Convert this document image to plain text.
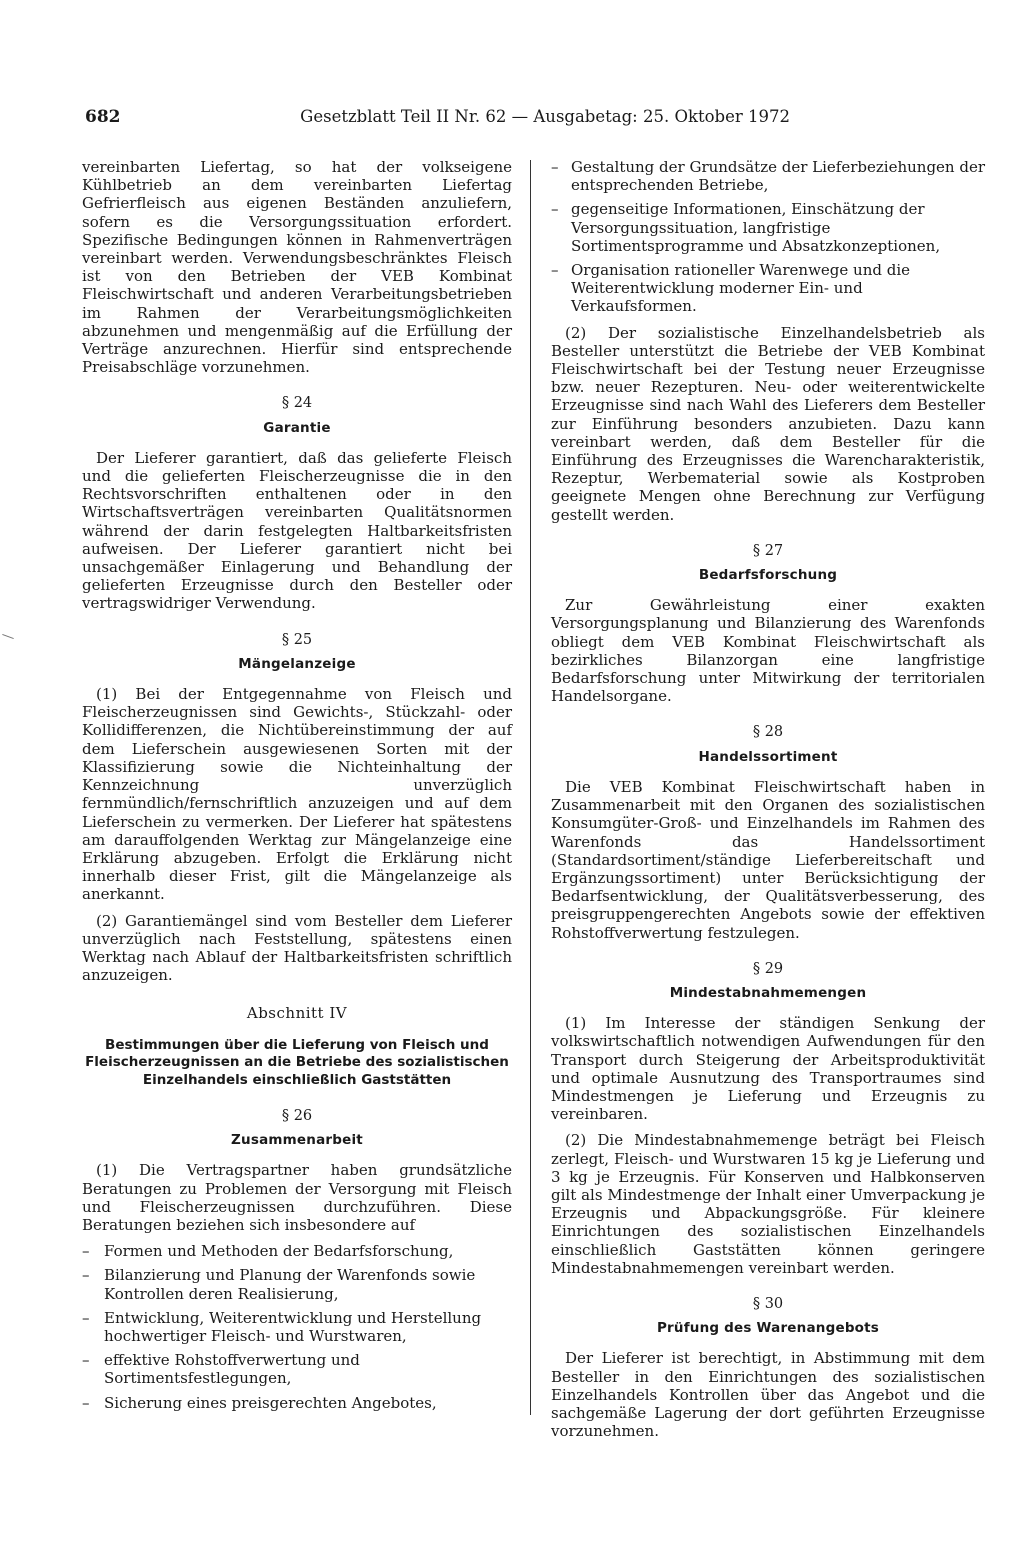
682	Gesetzblatt Teil II Nr. 62 — Ausgabetag: 25. Oktober 1972

vereinbarten Liefertag, so hat der volkseigene Kühlbetrieb an dem vereinbarten Liefertag Gefrierfleisch aus eigenen Beständen anzuliefern, sofern es die Versorgungssituation erfordert. Spezifische Bedingungen können in Rahmenverträgen vereinbart werden. Verwendungsbeschränktes Fleisch ist von den Betrieben der VEB Kombinat Fleischwirtschaft und anderen Verarbeitungsbetrieben im Rahmen der Verarbeitungsmöglichkeiten abzunehmen und mengenmäßig auf die Erfüllung der Verträge anzurechnen. Hierfür sind entsprechende Preisabschläge vorzunehmen.

§ 24
Garantie

Der Lieferer garantiert, daß das gelieferte Fleisch und die gelieferten Fleischerzeugnisse die in den Rechtsvorschriften enthaltenen oder in den Wirtschaftsverträgen vereinbarten Qualitätsnormen während der darin festgelegten Haltbarkeitsfristen aufweisen. Der Lieferer garantiert nicht bei unsachgemäßer Einlagerung und Behandlung der gelieferten Erzeugnisse durch den Besteller oder vertragswidriger Verwendung.

§ 25
Mängelanzeige

(1) Bei der Entgegennahme von Fleisch und Fleischerzeugnissen sind Gewichts-, Stückzahl- oder Kollidifferenzen, die Nichtübereinstimmung der auf dem Lieferschein ausgewiesenen Sorten mit der Klassifizierung sowie die Nichteinhaltung der Kennzeichnung unverzüglich fernmündlich/fernschriftlich anzuzeigen und auf dem Lieferschein zu vermerken. Der Lieferer hat spätestens am darauffolgenden Werktag zur Mängelanzeige eine Erklärung abzugeben. Erfolgt die Erklärung nicht innerhalb dieser Frist, gilt die Mängelanzeige als anerkannt.

(2) Garantiemängel sind vom Besteller dem Lieferer unverzüglich nach Feststellung, spätestens einen Werktag nach Ablauf der Haltbarkeitsfristen schriftlich anzuzeigen.

Abschnitt IV
Bestimmungen über die Lieferung von Fleisch und Fleischerzeugnissen an die Betriebe des sozialistischen Einzelhandels einschließlich Gaststätten
§ 26
Zusammenarbeit

(1) Die Vertragspartner haben grundsätzliche Beratungen zu Problemen der Versorgung mit Fleisch und Fleischerzeugnissen durchzuführen. Diese Beratungen beziehen sich insbesondere auf

– Formen und Methoden der Bedarfsforschung,
– Bilanzierung und Planung der Warenfonds sowie Kontrollen deren Realisierung,
– Entwicklung, Weiterentwicklung und Herstellung hochwertiger Fleisch- und Wurstwaren,
– effektive Rohstoffverwertung und Sortimentsfestlegungen,
– Sicherung eines preisgerechten Angebotes,
– Gestaltung der Grundsätze der Lieferbeziehungen der entsprechenden Betriebe,
– gegenseitige Informationen, Einschätzung der Versorgungssituation, langfristige Sortimentsprogramme und Absatzkonzeptionen,
– Organisation rationeller Warenwege und die Weiterentwicklung moderner Ein- und Verkaufsformen.

(2) Der sozialistische Einzelhandelsbetrieb als Besteller unterstützt die Betriebe der VEB Kombinat Fleischwirtschaft bei der Testung neuer Erzeugnisse bzw. neuer Rezepturen. Neu- oder weiterentwickelte Erzeugnisse sind nach Wahl des Lieferers dem Besteller zur Einführung besonders anzubieten. Dazu kann vereinbart werden, daß dem Besteller für die Einführung des Erzeugnisses die Warencharakteristik, Rezeptur, Werbematerial sowie als Kostproben geeignete Mengen ohne Berechnung zur Verfügung gestellt werden.

§ 27
Bedarfsforschung

Zur Gewährleistung einer exakten Versorgungsplanung und Bilanzierung des Warenfonds obliegt dem VEB Kombinat Fleischwirtschaft als bezirkliches Bilanzorgan eine langfristige Bedarfsforschung unter Mitwirkung der territorialen Handelsorgane.

§ 28
Handelssortiment

Die VEB Kombinat Fleischwirtschaft haben in Zusammenarbeit mit den Organen des sozialistischen Konsumgüter-Groß- und Einzelhandels im Rahmen des Warenfonds das Handelssortiment (Standardsortiment/ständige Lieferbereitschaft und Ergänzungssortiment) unter Berücksichtigung der Bedarfsentwicklung, der Qualitätsverbesserung, des preisgruppengerechten Angebots sowie der effektiven Rohstoffverwertung festzulegen.

§ 29
Mindestabnahmemengen

(1) Im Interesse der ständigen Senkung der volkswirtschaftlich notwendigen Aufwendungen für den Transport durch Steigerung der Arbeitsproduktivität und optimale Ausnutzung des Transportraumes sind Mindestmengen je Lieferung und Erzeugnis zu vereinbaren.

(2) Die Mindestabnahmemenge beträgt bei Fleisch zerlegt, Fleisch- und Wurstwaren 15 kg je Lieferung und 3 kg je Erzeugnis. Für Konserven und Halbkonserven gilt als Mindestmenge der Inhalt einer Umverpackung je Erzeugnis und Abpackungsgröße. Für kleinere Einrichtungen des sozialistischen Einzelhandels einschließlich Gaststätten können geringere Mindestabnahmemengen vereinbart werden.

§ 30
Prüfung des Warenangebots

Der Lieferer ist berechtigt, in Abstimmung mit dem Besteller in den Einrichtungen des sozialistischen Einzelhandels Kontrollen über das Angebot und die sachgemäße Lagerung der dort geführten Erzeugnisse vorzunehmen.
